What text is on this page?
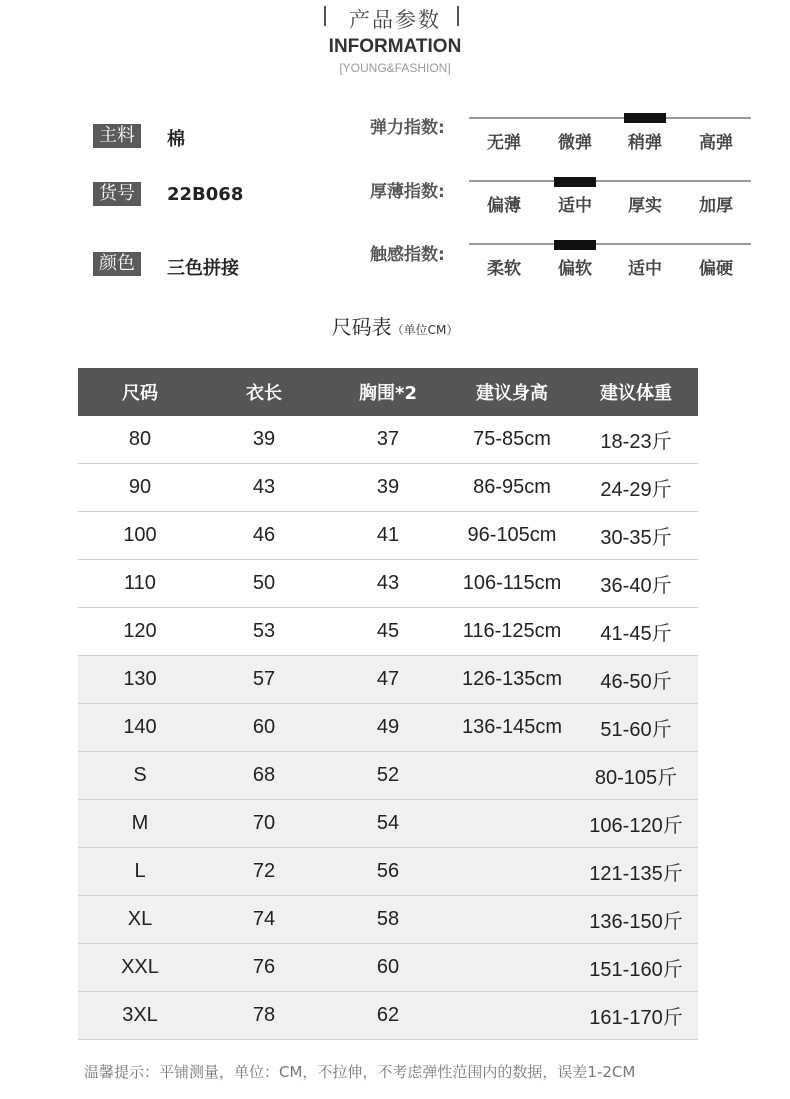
产品参数
INFORMATION
[YOUNG&FASHION]
主料	棉
货号	22B068
颜色	三色拼接
弹力指数:
无弹	微弹	稍弹	高弹
厚薄指数:
偏薄	适中	厚实	加厚
触感指数:
柔软	偏软	适中	偏硬
尺码表（单位CM）
尺码	衣长	胸围*2	建议身高	建议体重
80	39	37	75-85cm	18-23斤
90	43	39	86-95cm	24-29斤
100	46	41	96-105cm	30-35斤
110	50	43	106-115cm	36-40斤
120	53	45	116-125cm	41-45斤
130	57	47	126-135cm	46-50斤
140	60	49	136-145cm	51-60斤
S	68	52		80-105斤
M	70	54		106-120斤
L	72	56		121-135斤
XL	74	58		136-150斤
XXL	76	60		151-160斤
3XL	78	62		161-170斤
温馨提示：平铺测量，单位：CM，不拉伸，不考虑弹性范围内的数据，误差1-2CM
